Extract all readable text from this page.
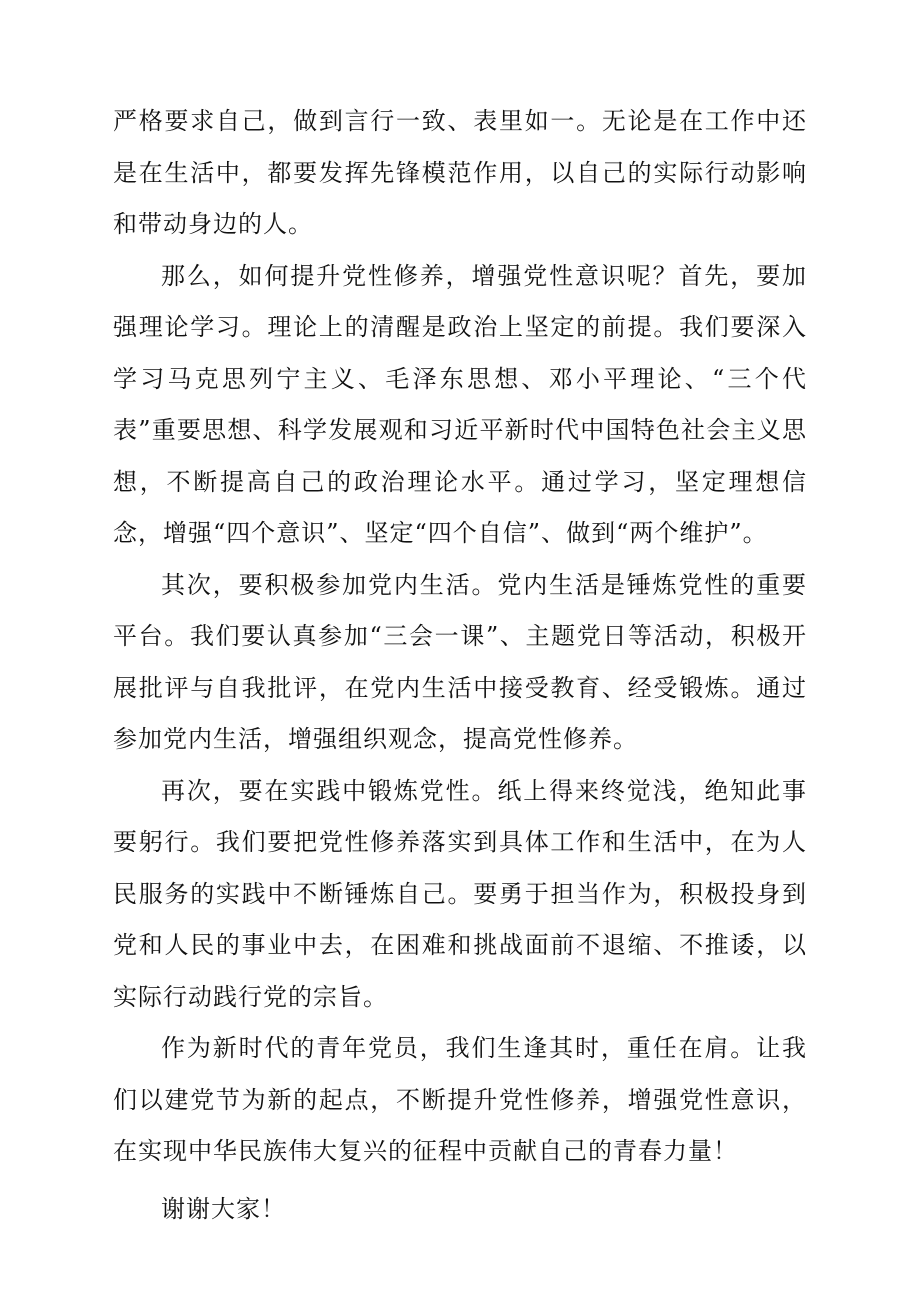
严格要求自己，做到言行一致、表里如一。无论是在工作中还是在生活中，都要发挥先锋模范作用，以自己的实际行动影响和带动身边的人。

那么，如何提升党性修养，增强党性意识呢？首先，要加强理论学习。理论上的清醒是政治上坚定的前提。我们要深入学习马克思列宁主义、毛泽东思想、邓小平理论、“三个代表”重要思想、科学发展观和习近平新时代中国特色社会主义思想，不断提高自己的政治理论水平。通过学习，坚定理想信念，增强“四个意识”、坚定“四个自信”、做到“两个维护”。

其次，要积极参加党内生活。党内生活是锤炼党性的重要平台。我们要认真参加“三会一课”、主题党日等活动，积极开展批评与自我批评，在党内生活中接受教育、经受锻炼。通过参加党内生活，增强组织观念，提高党性修养。

再次，要在实践中锻炼党性。纸上得来终觉浅，绝知此事要躬行。我们要把党性修养落实到具体工作和生活中，在为人民服务的实践中不断锤炼自己。要勇于担当作为，积极投身到党和人民的事业中去，在困难和挑战面前不退缩、不推诿，以实际行动践行党的宗旨。

作为新时代的青年党员，我们生逢其时，重任在肩。让我们以建党节为新的起点，不断提升党性修养，增强党性意识，在实现中华民族伟大复兴的征程中贡献自己的青春力量！

谢谢大家！
